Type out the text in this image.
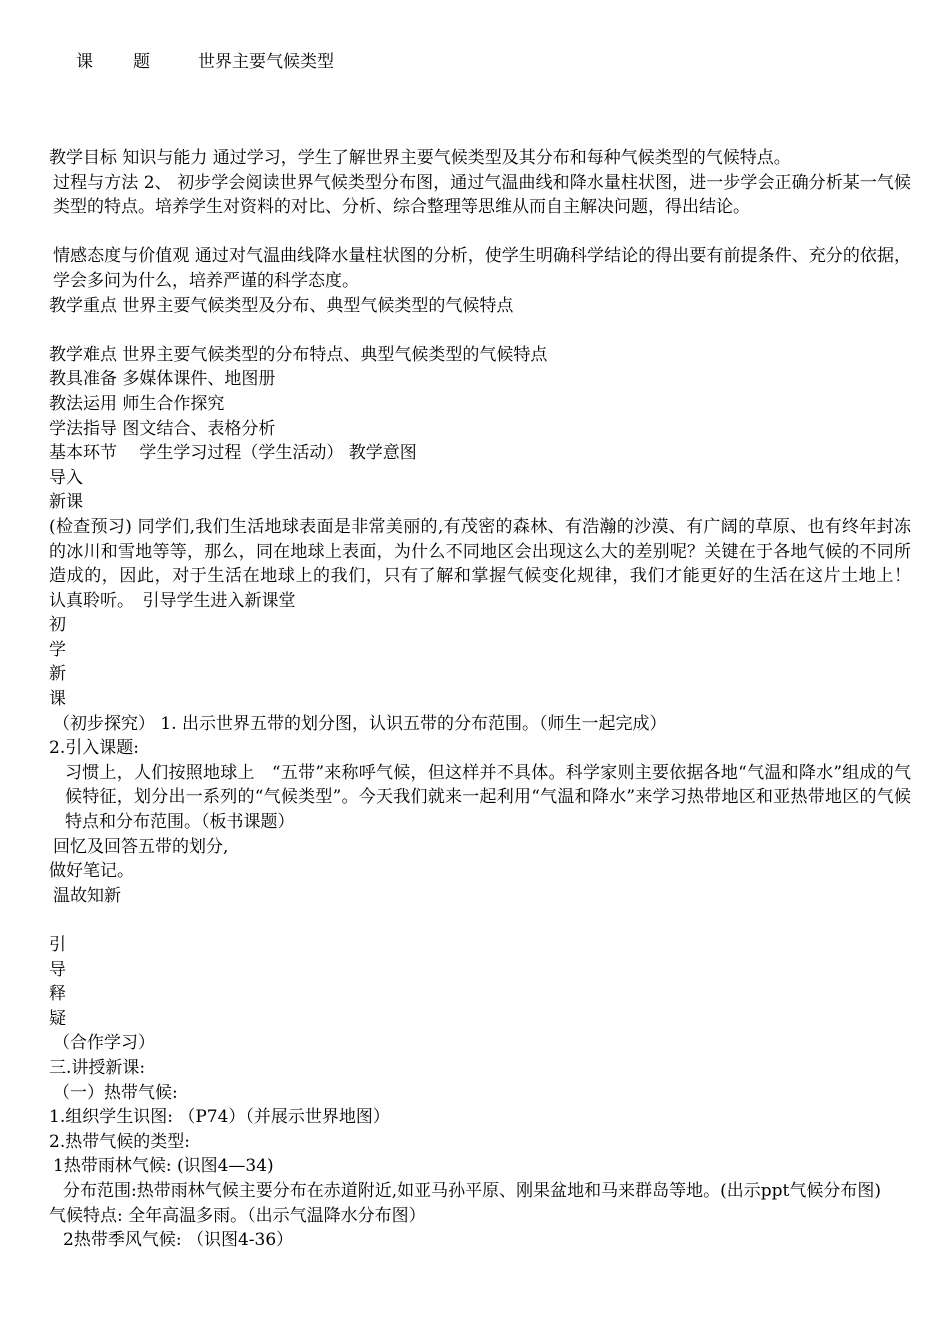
课 题	世界主要气候类型
教学目标 知识与能力 通过学习，学生了解世界主要气候类型及其分布和每种气候类型的气候特点。
过程与方法 2、 初步学会阅读世界气候类型分布图，通过气温曲线和降水量柱状图，进一步学会正确分析某一气候类型的特点。培养学生对资料的对比、分析、综合整理等思维从而自主解决问题，得出结论。
情感态度与价值观 通过对气温曲线降水量柱状图的分析，使学生明确科学结论的得出要有前提条件、充分的依据，学会多问为什么，培养严谨的科学态度。
教学重点 世界主要气候类型及分布、典型气候类型的气候特点
教学难点 世界主要气候类型的分布特点、典型气候类型的气候特点
教具准备 多媒体课件、地图册
教法运用 师生合作探究
学法指导 图文结合、表格分析
基本环节　 学生学习过程（学生活动） 教学意图
导入
新课
(检查预习) 同学们,我们生活地球表面是非常美丽的,有茂密的森林、有浩瀚的沙漠、有广阔的草原、也有终年封冻的冰川和雪地等等，那么，同在地球上表面，为什么不同地区会出现这么大的差别呢？关键在于各地气候的不同所造成的，因此，对于生活在地球上的我们，只有了解和掌握气候变化规律，我们才能更好的生活在这片土地上！　认真聆听。　引导学生进入新课堂
初
学
新
课
（初步探究） 1. 出示世界五带的划分图，认识五带的分布范围。（师生一起完成）
2.引入课题:
习惯上，人们按照地球上　“五带”来称呼气候，但这样并不具体。科学家则主要依据各地“气温和降水”组成的气候特征，划分出一系列的“气候类型”。今天我们就来一起利用“气温和降水”来学习热带地区和亚热带地区的气候特点和分布范围。（板书课题）
回忆及回答五带的划分,
做好笔记。
温故知新
引
导
释
疑
（合作学习）
三.讲授新课:
（一）热带气候:
1.组织学生识图: （P74）（并展示世界地图）
2.热带气候的类型:
1热带雨林气候: (识图4—34)
分布范围:热带雨林气候主要分布在赤道附近,如亚马孙平原、刚果盆地和马来群岛等地。(出示ppt气候分布图)
气候特点: 全年高温多雨。（出示气温降水分布图）
2热带季风气候: （识图4-36）
